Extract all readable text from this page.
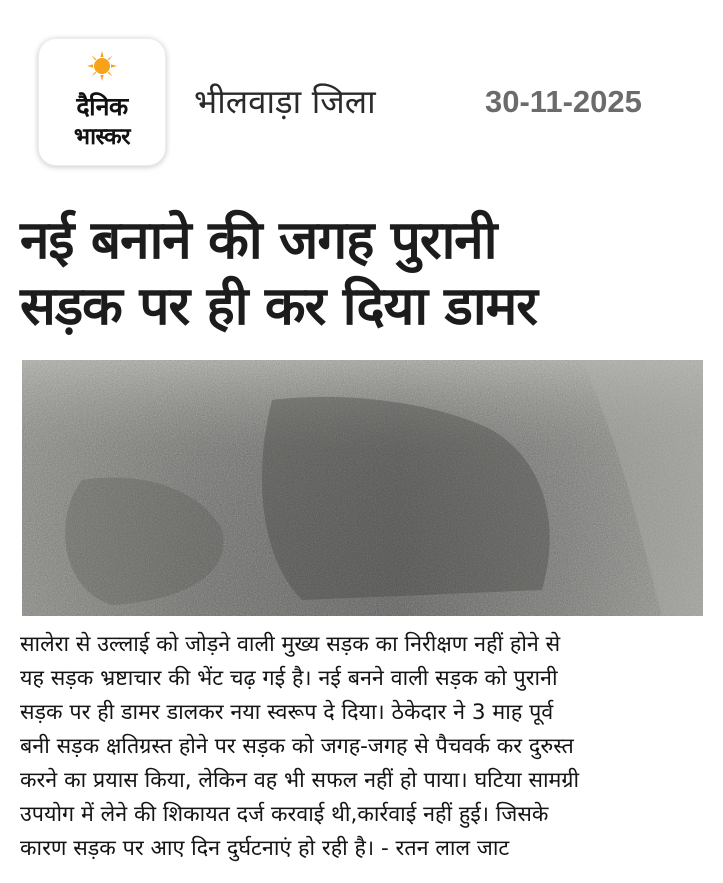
दैनिक
भास्कर
भीलवाड़ा जिला	30-11-2025
नई बनाने की जगह पुरानी
सड़क पर ही कर दिया डामर
सालेरा से उल्लाई को जोड़ने वाली मुख्य सड़क का निरीक्षण नहीं होने से
यह सड़क भ्रष्टाचार की भेंट चढ़ गई है। नई बनने वाली सड़क को पुरानी
सड़क पर ही डामर डालकर नया स्वरूप दे दिया। ठेकेदार ने 3 माह पूर्व
बनी सड़क क्षतिग्रस्त होने पर सड़क को जगह-जगह से पैचवर्क कर दुरुस्त
करने का प्रयास किया, लेकिन वह भी सफल नहीं हो पाया। घटिया सामग्री
उपयोग में लेने की शिकायत दर्ज करवाई थी,कार्रवाई नहीं हुई। जिसके
कारण सड़क पर आए दिन दुर्घटनाएं हो रही है। - रतन लाल जाट
